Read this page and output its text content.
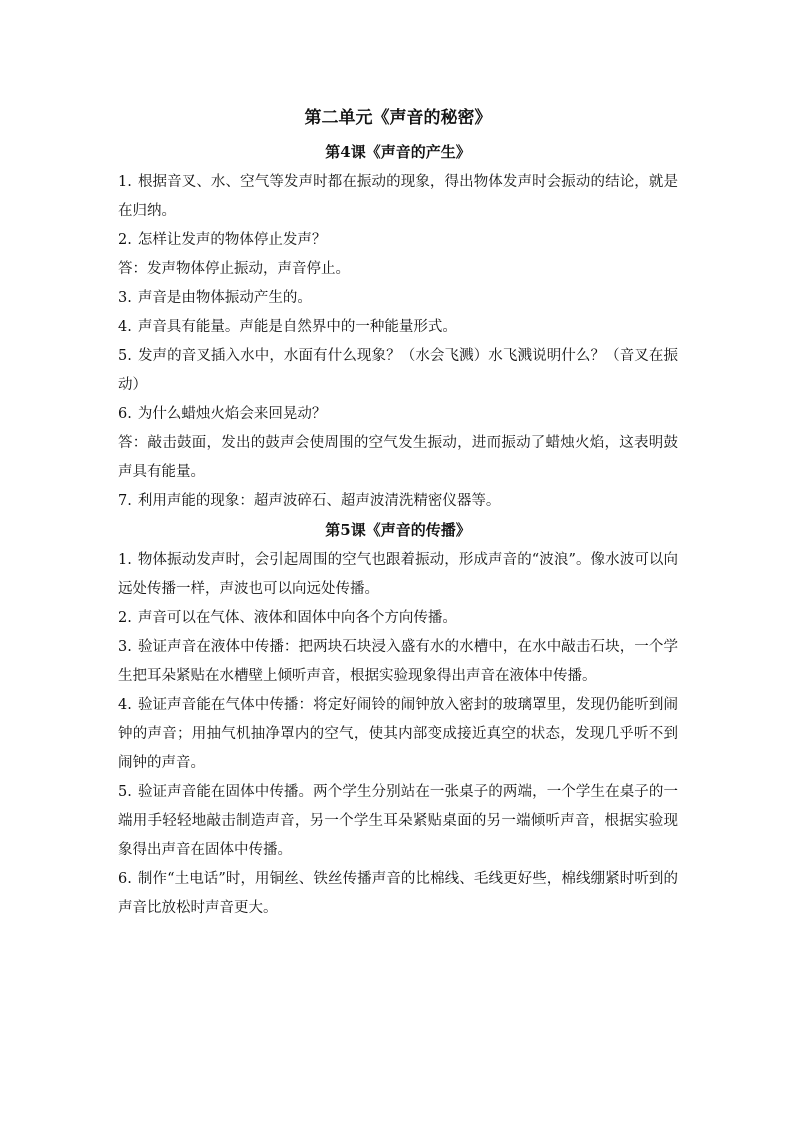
第二单元《声音的秘密》
第4课《声音的产生》

1. 根据音叉、水、空气等发声时都在振动的现象，得出物体发声时会振动的结论，就是在归纳。

2. 怎样让发声的物体停止发声？

答：发声物体停止振动，声音停止。

3. 声音是由物体振动产生的。

4. 声音具有能量。声能是自然界中的一种能量形式。

5. 发声的音叉插入水中，水面有什么现象？（水会飞溅）水飞溅说明什么？（音叉在振动）

6. 为什么蜡烛火焰会来回晃动？

答：敲击鼓面，发出的鼓声会使周围的空气发生振动，进而振动了蜡烛火焰，这表明鼓声具有能量。

7. 利用声能的现象：超声波碎石、超声波清洗精密仪器等。

第5课《声音的传播》

1. 物体振动发声时，会引起周围的空气也跟着振动，形成声音的“波浪”。像水波可以向远处传播一样，声波也可以向远处传播。

2. 声音可以在气体、液体和固体中向各个方向传播。

3. 验证声音在液体中传播：把两块石块浸入盛有水的水槽中，在水中敲击石块，一个学生把耳朵紧贴在水槽壁上倾听声音，根据实验现象得出声音在液体中传播。

4. 验证声音能在气体中传播：将定好闹铃的闹钟放入密封的玻璃罩里，发现仍能听到闹钟的声音；用抽气机抽净罩内的空气，使其内部变成接近真空的状态，发现几乎听不到闹钟的声音。

5. 验证声音能在固体中传播。两个学生分别站在一张桌子的两端，一个学生在桌子的一端用手轻轻地敲击制造声音，另一个学生耳朵紧贴桌面的另一端倾听声音，根据实验现象得出声音在固体中传播。

6. 制作“土电话”时，用铜丝、铁丝传播声音的比棉线、毛线更好些，棉线绷紧时听到的声音比放松时声音更大。
